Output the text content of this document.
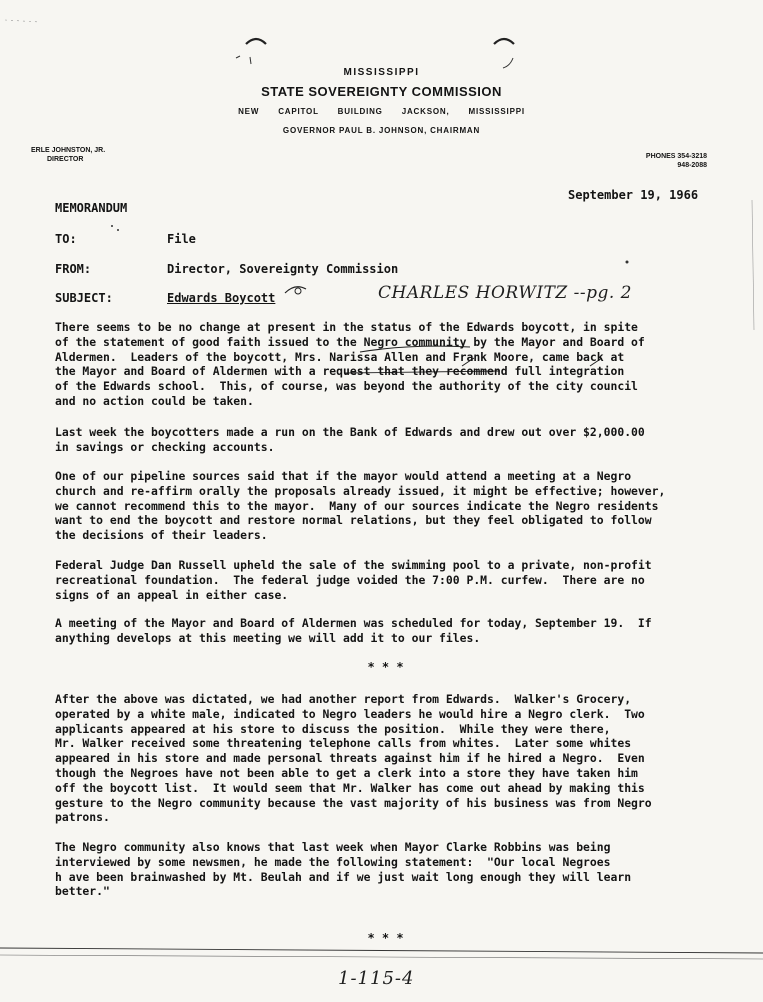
MISSISSIPPI
STATE SOVEREIGNTY COMMISSION
NEW CAPITOL BUILDING JACKSON, MISSISSIPPI
GOVERNOR PAUL B. JOHNSON, CHAIRMAN
ERLE JOHNSTON, JR.
DIRECTOR	PHONES 354-3218
948-2088
September 19, 1966
MEMORANDUM
TO:	File
FROM:	Director, Sovereignty Commission
SUBJECT:	Edwards Boycott	CHARLES HORWITZ --pg. 2
There seems to be no change at present in the status of the Edwards boycott, in spite
of the statement of good faith issued to the Negro community by the Mayor and Board of
Aldermen.  Leaders of the boycott, Mrs. Narissa Allen and Frank Moore, came back at
the Mayor and Board of Aldermen with a request that they recommend full integration
of the Edwards school.  This, of course, was beyond the authority of the city council
and no action could be taken.
Last week the boycotters made a run on the Bank of Edwards and drew out over $2,000.00
in savings or checking accounts.
One of our pipeline sources said that if the mayor would attend a meeting at a Negro
church and re-affirm orally the proposals already issued, it might be effective; however,
we cannot recommend this to the mayor.  Many of our sources indicate the Negro residents
want to end the boycott and restore normal relations, but they feel obligated to follow
the decisions of their leaders.
Federal Judge Dan Russell upheld the sale of the swimming pool to a private, non-profit
recreational foundation.  The federal judge voided the 7:00 P.M. curfew.  There are no
signs of an appeal in either case.
A meeting of the Mayor and Board of Aldermen was scheduled for today, September 19.  If
anything develops at this meeting we will add it to our files.
* * *
After the above was dictated, we had another report from Edwards.  Walker's Grocery,
operated by a white male, indicated to Negro leaders he would hire a Negro clerk.  Two
applicants appeared at his store to discuss the position.  While they were there,
Mr. Walker received some threatening telephone calls from whites.  Later some whites
appeared in his store and made personal threats against him if he hired a Negro.  Even
though the Negroes have not been able to get a clerk into a store they have taken him
off the boycott list.  It would seem that Mr. Walker has come out ahead by making this
gesture to the Negro community because the vast majority of his business was from Negro
patrons.
The Negro community also knows that last week when Mayor Clarke Robbins was being
interviewed by some newsmen, he made the following statement:  "Our local Negroes
h ave been brainwashed by Mt. Beulah and if we just wait long enough they will learn
better."
* * *
1-115-4
